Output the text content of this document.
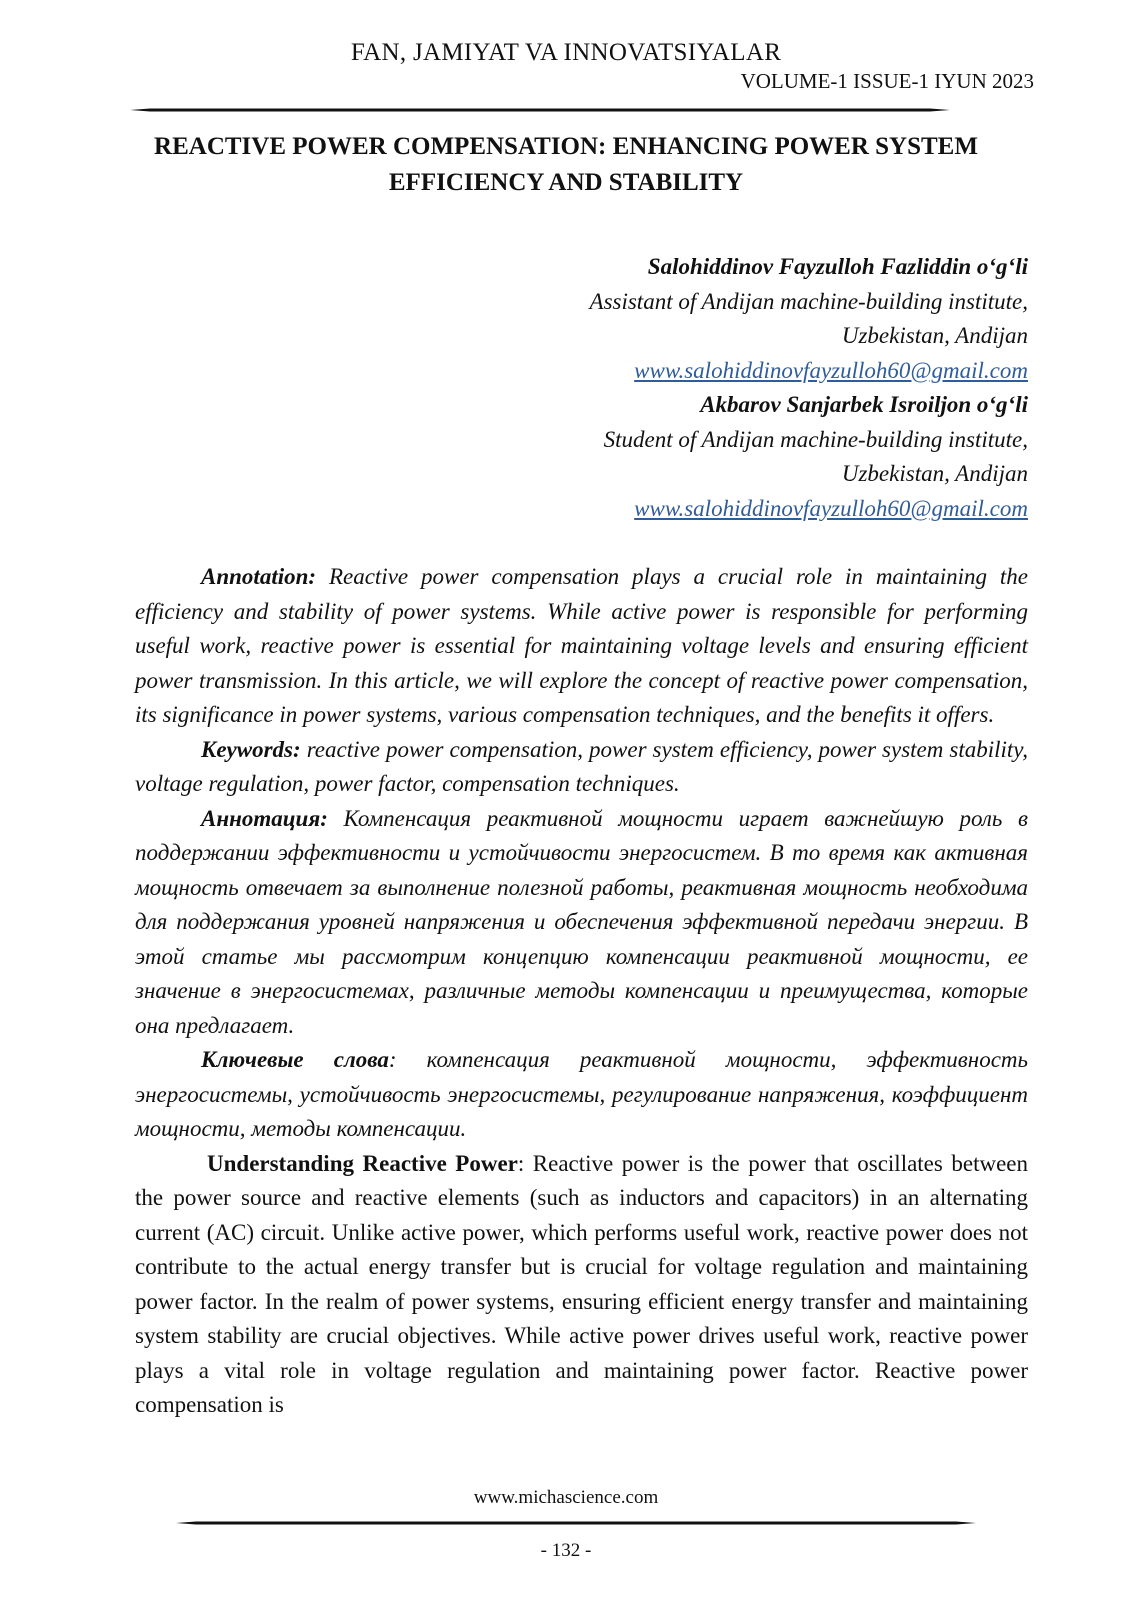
FAN, JAMIYAT VA INNOVATSIYALAR
VOLUME-1 ISSUE-1 IYUN 2023
REACTIVE POWER COMPENSATION: ENHANCING POWER SYSTEM
EFFICIENCY AND STABILITY
Salohiddinov Fayzulloh Fazliddin o‘g‘li
Assistant of Andijan machine-building institute,
Uzbekistan, Andijan
www.salohiddinovfayzulloh60@gmail.com
Akbarov Sanjarbek Isroiljon o‘g‘li
Student of Andijan machine-building institute,
Uzbekistan, Andijan
www.salohiddinovfayzulloh60@gmail.com

Annotation: Reactive power compensation plays a crucial role in maintaining the efficiency and stability of power systems. While active power is responsible for performing useful work, reactive power is essential for maintaining voltage levels and ensuring efficient power transmission. In this article, we will explore the concept of reactive power compensation, its significance in power systems, various compensation techniques, and the benefits it offers.

Keywords: reactive power compensation, power system efficiency, power system stability, voltage regulation, power factor, compensation techniques.

Аннотация: Компенсация реактивной мощности играет важнейшую роль в поддержании эффективности и устойчивости энергосистем. В то время как активная мощность отвечает за выполнение полезной работы, реактивная мощность необходима для поддержания уровней напряжения и обеспечения эффективной передачи энергии. В этой статье мы рассмотрим концепцию компенсации реактивной мощности, ее значение в энергосистемах, различные методы компенсации и преимущества, которые она предлагает.

Ключевые слова: компенсация реактивной мощности, эффективность энергосистемы, устойчивость энергосистемы, регулирование напряжения, коэффициент мощности, методы компенсации.

Understanding Reactive Power: Reactive power is the power that oscillates between the power source and reactive elements (such as inductors and capacitors) in an alternating current (AC) circuit. Unlike active power, which performs useful work, reactive power does not contribute to the actual energy transfer but is crucial for voltage regulation and maintaining power factor. In the realm of power systems, ensuring efficient energy transfer and maintaining system stability are crucial objectives. While active power drives useful work, reactive power plays a vital role in voltage regulation and maintaining power factor. Reactive power compensation is

www.michascience.com
- 132 -
